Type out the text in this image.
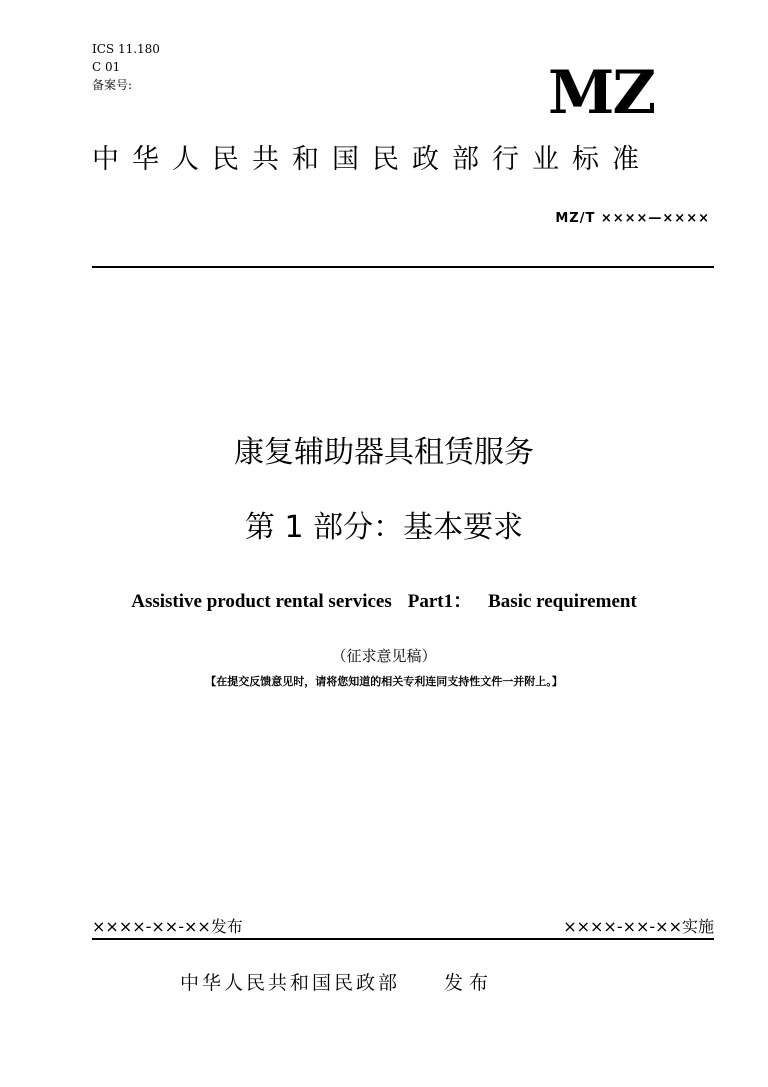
ICS 11.180
C 01
备案号:	MZ
中华人民共和国民政部行业标准
MZ/T ××××—××××
康复辅助器具租赁服务
第 1 部分：基本要求
Assistive product rental services Part1： Basic requirement
（征求意见稿）
【在提交反馈意见时，请将您知道的相关专利连同支持性文件一并附上。】
××××-××-××发布	××××-××-××实施
中华人民共和国民政部 发布
